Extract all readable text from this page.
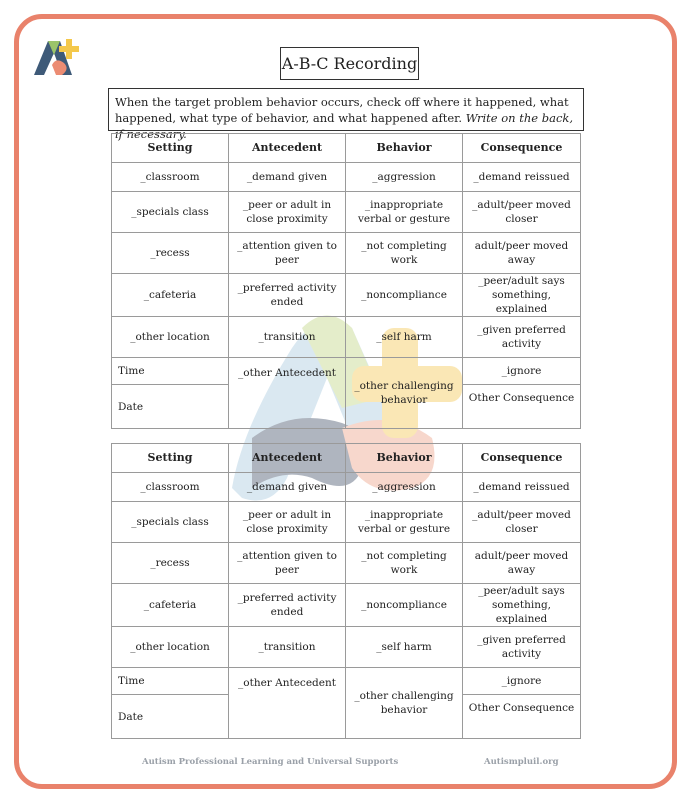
A-B-C Recording
When the target problem behavior occurs, check off where it happened, what happened, what type of behavior, and what happened after. Write on the back, if necessary.
Setting	Antecedent	Behavior	Consequence
_classroom	_demand given	_aggression	_demand reissued
_specials class	_peer or adult in close proximity	_inappropriate verbal or gesture	_adult/peer moved closer
_recess	_attention given to peer	_not completing work	adult/peer moved away
_cafeteria	_preferred activity ended	_noncompliance	_peer/adult says something, explained
_other location	_transition	_self harm	_given preferred activity
Time	_other Antecedent	_other challenging behavior	_ignore
Date			Other Consequence
Setting	Antecedent	Behavior	Consequence
_classroom	_demand given	_aggression	_demand reissued
_specials class	_peer or adult in close proximity	_inappropriate verbal or gesture	_adult/peer moved closer
_recess	_attention given to peer	_not completing work	adult/peer moved away
_cafeteria	_preferred activity ended	_noncompliance	_peer/adult says something, explained
_other location	_transition	_self harm	_given preferred activity
Time	_other Antecedent	_other challenging behavior	_ignore
Date			Other Consequence
Autism Professional Learning and Universal Supports	Autismpluil.org
